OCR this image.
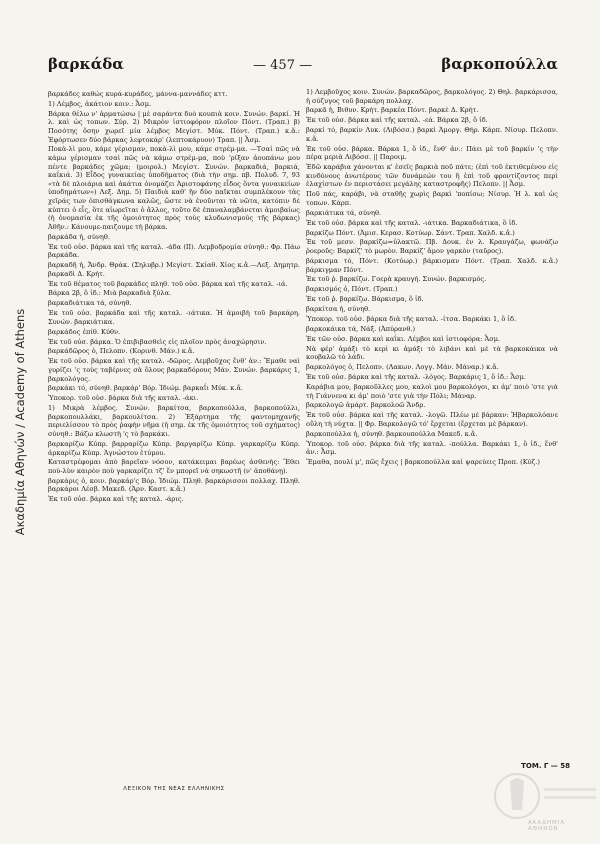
Ακαδημία Αθηνών / Academy of Athens
βαρκάδα	— 457 —	βαρκοπούλλα

βαρκάδες καθώς κυρά-κυράδες, μάννα-μαννάδες κττ.

1) Λέμβος, ἀκάτιον κοιν.: Ἆσμ.

Βάρκα θέλω ν' ἁρματώσω | μὲ σαράντα δυὸ κουπιὰ κοιν. Συνών. βαρκί. Ἡ λ. καὶ ὡς τοπων. Σύρ. 2) Μικρὸν ἱστιοφόρον πλοῖον Πόντ. (Τραπ.) β) Ποσότης ὅσην χωρεῖ μία λέμβος Μεγίστ. Μύκ. Πόντ. (Τραπ.) κ.ἄ.: Ἐφόρτωσεν δύο βάρκας λεφτοκάρ' (λεπτοκάρυον) Τραπ. || Ἆσμ.

Ποκὰ-λὶ μου, κάμε γέρισμαν, ποκὰ-λὶ μου, κάμε στρέμ-μα. —Τσαί πῶς νὰ κάμω γέρισμαν τσαὶ πῶς νὰ κάμω στρέμ-μα, ποὺ 'ρίξαν ἀουπάνω μου πέντε βαρκάδες χῶμα; (μοιρολ.) Μεγίστ. Συνών. βαρκαδιά, βαρκιά, καΐκιά. 3) Εἶδος γυναικείας ὑποδήματος (διὰ τὴν σημ. πβ. Πολυδ. 7, 93 «τὰ δὲ πλοιάρια καὶ ἀκάτια ὀνομάζει Ἀριστοφάνης εἶδος ὄντα γυναικείων ὑποδημάτων») Λεξ. Δημ. 5) Παιδιὰ καθ' ἣν δύο παῖκται συμπλέκουν τὰς χεῖράς των ὀπισθάγκωνα καλῶς, ὥστε νὰ ἑνοῦνται τὰ νῶτα, κατόπιν δὲ κύπτει ὁ εἷς, ὅτε αἰωρεῖται ὁ ἄλλος, τοῦτο δὲ ἐπαναλαμβάνεται ἀμοιβαίως (ἡ ὀνομασία ἐκ τῆς ὁμοιότητος πρὸς τοὺς κλυδωνισμοὺς τῆς βάρκας) Ἀθῆν.: Κάνουμε-παιζουμε τὴ βάρκα.

βαρκάδα ἡ, σύνηθ.

Ἐκ τοῦ οὐσ. βάρκα καὶ τῆς καταλ. -άδα (II). Λεμβοδρομία σύνηθ.: Φρ. Πάω βαρκάδα.

βαρκαδῆ ἡ, Ἄνδρ. Θράκ. (Σηλυβρ.) Μεγίστ. Σκίαθ. Χίος κ.ἄ.—Λεξ. Δημητρ. βαρκαδὶ Δ. Κρήτ.

Ἐκ τοῦ θέματος τοῦ βαρκάδες πληθ. τοῦ οὐσ. βάρκα καὶ τῆς καταλ. -ιά.

Βάρκα 2β, ὃ ἰδ.: Μιὰ βαρκαδιὰ ξύλα.

βαρκαδιάτικα τά, σύνηθ.

Ἐκ τοῦ οὐσ. βαρκάδα καὶ τῆς καταλ. -ιάτικα. Ἡ ἀμοιβὴ τοῦ βαρκάρη. Συνών. βαρκιάτικα.

βαρκάδος ἐπίθ. Κύθν.

Ἐκ τοῦ οὐσ. βάρκα. Ὁ ἐπιβιβασθεὶς εἰς πλοῖον πρὸς ἀναχώρησιν.

βαρκάδῶρος ὁ, Πελοπν. (Κορινθ. Μάν.) κ.ἄ.

Ἐκ τοῦ οὐσ. βάρκα καὶ τῆς καταλ. -δῶρος. Λεμβοῦχος ἔνθ' ἀν.: Ἔμαθε ναὶ γυρίζει 'ς τοὺς ταβέρνες σὰ ὅλους βαρκαδόρους Μάν. Συνών. βαρκάρις 1, βαρκολόγος.

βαρκάκι τό, σύνηθ. βαρκάρ' Βόρ. Ἰδιώμ. βαρκαΐι Μύκ. κ.ἄ.

Ὑποκορ. τοῦ οὐσ. βάρκα διὰ τῆς καταλ. -άκι.

1) Μικρὰ λέμβος. Συνών. βαρκίτσα, βαρκοπούλλα, βαρκοπούλλι, βαρκοπουλλάκι, βαρκουλίτσα. 2) Ἐξάρτημα τῆς φαντομηχανῆς περιελίσσον τὸ πρὸς ῥαφὴν νῆμα (ἡ σημ. ἐκ τῆς ὁμοιότητος τοῦ σχήματος) σύνηθ.: Βάζω κλωστὴ 'ς τὸ βαρκάκι.

βαρκαρίζω Κύπρ. βαρραρίζω Κύπρ. βαργαρίζω Κύπρ. γαρκαρίζω Κύπρ. ἀρκαρίζω Κύπρ. Ἀγνώστου ἐτύμου.

Καταστρέφομαι ἀπὸ βαρεῖαν νόσον, κατάκειμαι βαρέως ἀσθενὴς: Ἔθει ποὺ-λὺν καιρὸν ποὺ γαρκαρίζει τζ' ἔν μπορεῖ νὰ σηκωστῆ (ν' ἀποθάνῃ).

βαρκάρις ὁ, κοιν. βαρκάρ'ς Βόρ. Ἰδιώμ. Πληθ. βαρκάρισσοι πολλαχ. Πληθ. βαρκάροι Λέσβ. Μακεδ. (Ἀρν. Καστ. κ.ἄ.)

Ἐκ τοῦ οὐσ. βάρκα καὶ τῆς καταλ. -άρις.

1) Λεμβοῦχος κοιν. Συνών. βαρκαδῶρος, βαρκολόγος. 2) Θηλ. βαρκάρισσα, ἡ σύζυγος τοῦ βαρκάρη πολλαχ.

βαρκᾶ ἡ, Βιθυν. Κρήτ. βαρκέα Πόντ. βαρκὲ Δ. Κρήτ.

Ἐκ τοῦ οὐσ. βάρκα καὶ τῆς καταλ. -εά. Βάρκα 2β, ὃ ἰδ.

βαρκί τό, βαρκίν Λυκ. (Λιβόσσ.) βαρκὶ Ἀμοργ. Θήρ. Κάρπ. Νίσυρ. Πελοπν. κ.ἄ.

Ἐκ τοῦ οὐσ. βάρκα. Βάρκα 1, ὃ ἰδ., ἔνθ' ἀν.: Πάει μὲ τοῦ βαρκίν 'ς τὴν πέρα μεριὰ Λιβόσσ. || Παροιμ.

Ἐδῶ καράβια χάνονται κ' ἐσεῖς βαρκιὰ ποῦ πάτε; (ἐπὶ τοῦ ἐκτιθεμένου εἰς κινδύνους ἀνωτέρους τῶν δυνάμεών του ἢ ἐπὶ τοῦ φροντίζοντος περὶ ἐλαχίστων ἐν περιστάσει μεγάλης καταστροφῆς) Πελοπν. || Ἆσμ.

Ποῦ πάς, καράβι, νὰ σταθῆς χωρὶς βαρκὶ 'ποπίσω; Νίσυρ. Ἡ λ. καὶ ὡς τοπων. Κάρπ.

βαρκιάτικα τά, σύνηθ.

Ἐκ τοῦ οὐσ. βάρκα καὶ τῆς καταλ. -ιάτικα. Βαρκαδιάτικα, ὃ ἰδ.

βαρκίζω Πόντ. (Ἀμισ. Κερασ. Κοτύωρ. Σάντ. Τραπ. Χαλδ. κ.ἄ.)

Ἐκ τοῦ μεσν. βαρκίζω=ὑλακτῶ. Πβ. Δουκ. ἐν λ. Κραυγάζω, φωνάζω ῥοεροῦς: Βαρκίζ' τὸ μωρὸν. Βαρκίζ' ἄμον γαρκὸν (ταῦρος).

βάρκισμα τό, Πόντ. (Κοτύωρ.) βάρκισμαν Πόντ. (Τραπ. Χαλδ. κ.ἄ.) βάρκιγμαν Πόντ.

Ἐκ τοῦ ῥ. βαρκίζω. Γοερὰ κραυγή. Συνών. βαρκισμός.

βαρκισμός ὁ, Πόντ. (Τραπ.)

Ἐκ τοῦ ῥ. βαρκίζω. Βάρκισμα, ὃ ἰδ.

βαρκίτσα ἡ, σύνηθ.

Ὑποκορ. τοῦ οὐσ. βάρκα διὰ τῆς καταλ. -ίτσα. Βαρκάκι 1, ὃ ἰδ.

βαρκοκάικα τά, Νάξ. (Ἀπύρανθ.)

Ἐκ τῶν οὐσ. βάρκα καὶ καΐκι. Λέμβοι καὶ ἱστιοφόρα: Ἆσμ.

Νὰ φέρ' ἀμάξι τὸ κερὶ κι ἀμάξι τὸ λιβάνι καὶ μὲ τὰ βαρκοκάικα νὰ κουβαλῶ τὸ λάδι.

βαρκολόγος ὁ, Πελοπν. (Λακων. Λογγ. Μάν. Μάναρ.) κ.ἄ.

Ἐκ τοῦ οὐσ. βάρκα καὶ τῆς καταλ. -λόγος. Βαρκάρις 1, ὃ ἰδ.: Ἆσμ.

Καράβια μου, βαρκοῦλλες μου, καλοὶ μου βαρκολόγοι, κι ἀμ' ποιὸ 'στε γιὰ τὴ Γιάννενα κι ἀμ' ποιὸ 'στε γιὰ τὴν Πόλι; Μάναρ.

βαρκολογῶ ἀμάρτ. βαρκολοῶ Ἄνδρ.

Ἐκ τοῦ οὐσ. βάρκα καὶ τῆς καταλ. -λογῶ. Πλέω μὲ βάρκαν: Ἠβαρκολόανε οὕλη τὴ νύχτα. || Φρ. Βαρκολογῶ τό' ἔρχεται (ἔρχεται μὲ βάρκαν).

βαρκοπούλλα ἡ, σύνηθ. βαρκουπούλλα Μακεδ. κ.ἄ.

Ὑποκορ. τοῦ οὐσ. βάρκα διὰ τῆς καταλ. -πούλλα. Βαρκάκι 1, ὃ ἰδ., ἔνθ' ἀν.: Ἆσμ.

Ἔμαθα, πουλί μ', πῶς ἔχεις | βαρκοπούλλα καὶ ψαρεύεις Προπ. (Κύζ.)

ΛΕΞΙΚΟΝ ΤΗΣ ΝΕΑΣ ΕΛΛΗΝΙΚΗΣ
ΑΚΑΔΗΜΙΑ ΑΘΗΝΩΝ
ΤΟΜ. Γ — 58
